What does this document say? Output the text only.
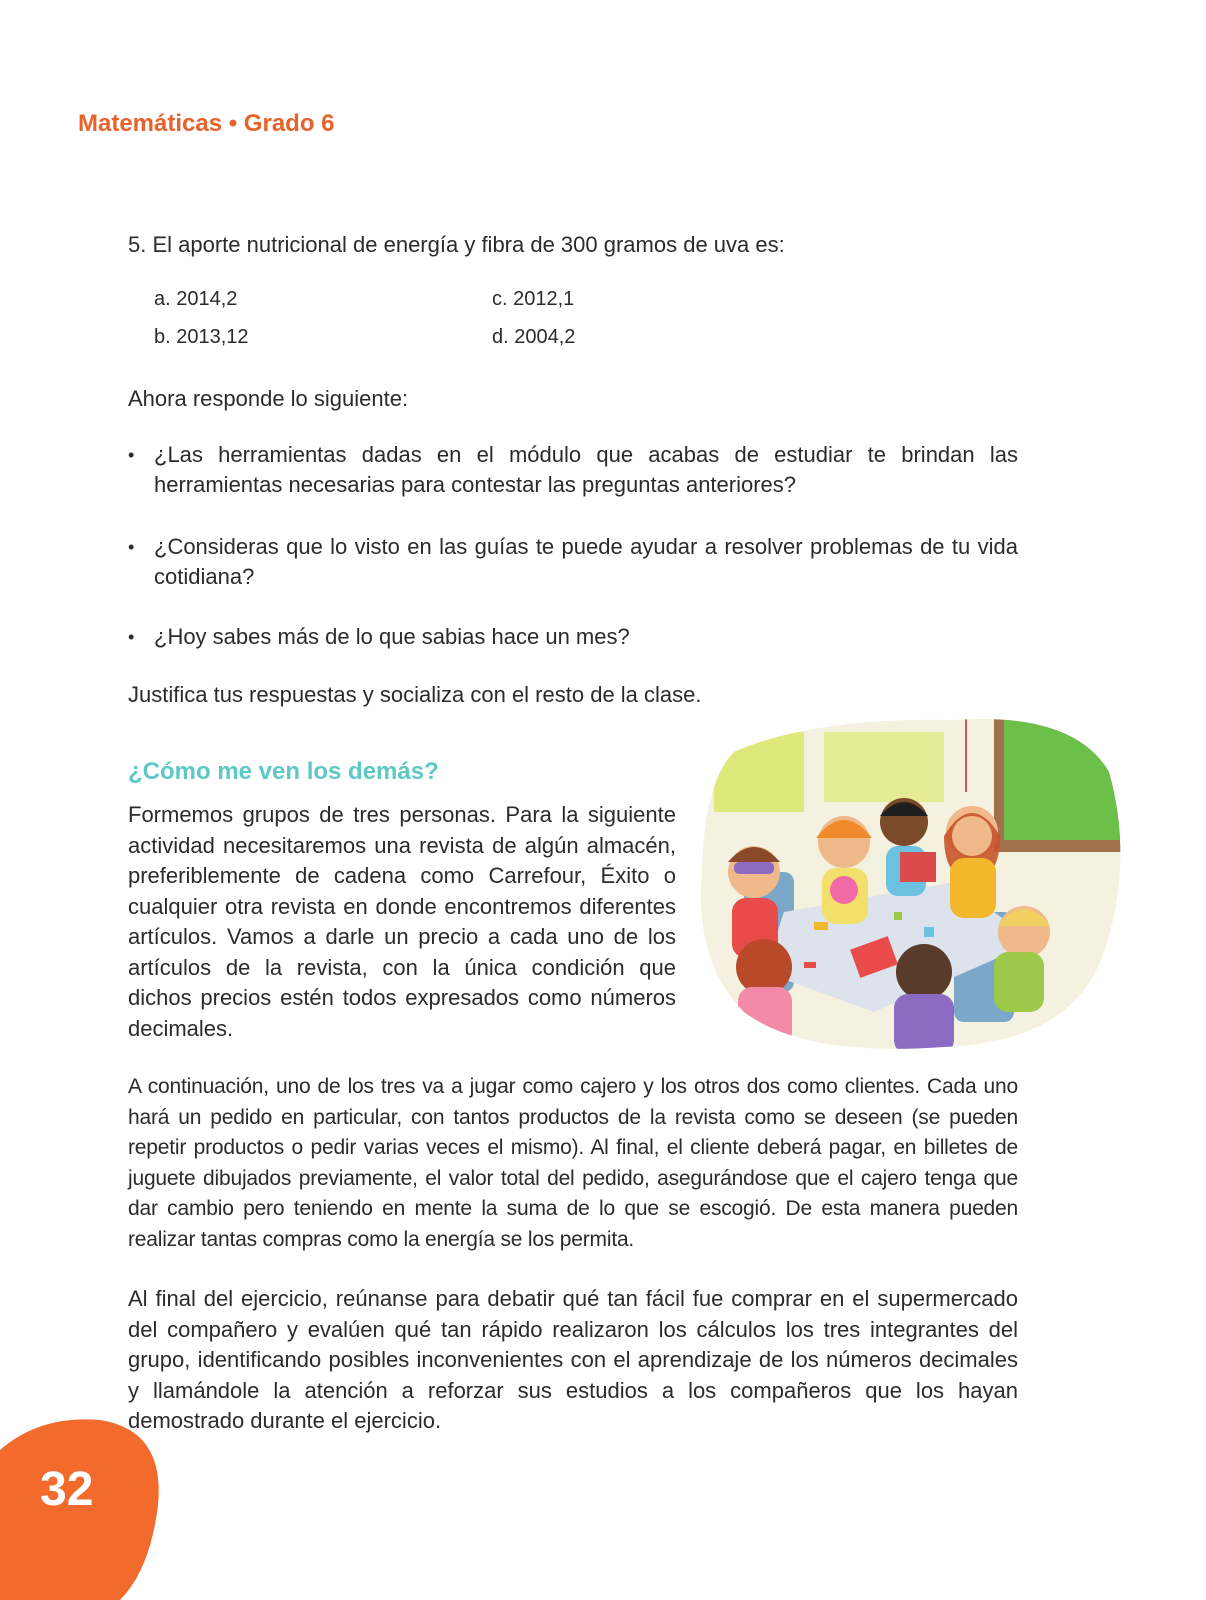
Matemáticas • Grado 6
5. El aporte nutricional de energía y fibra de 300 gramos de uva es:
a. 2014,2
b. 2013,12
c. 2012,1
d. 2004,2
Ahora responde lo siguiente:
• ¿Las herramientas dadas en el módulo que acabas de estudiar te brindan las herramientas necesarias para contestar las preguntas anteriores?
• ¿Consideras que lo visto en las guías te puede ayudar a resolver problemas de tu vida cotidiana?
• ¿Hoy sabes más de lo que sabias hace un mes?
Justifica tus respuestas y socializa con el resto de la clase.
¿Cómo me ven los demás?
Formemos grupos de tres personas. Para la siguiente actividad necesitaremos una revista de algún almacén, preferiblemente de cadena como Carrefour, Éxito o cualquier otra revista en donde encontremos diferentes artículos. Vamos a darle un precio a cada uno de los artículos de la revista, con la única condición que dichos precios estén todos expresados como números decimales.
A continuación, uno de los tres va a jugar como cajero y los otros dos como clientes. Cada uno hará un pedido en particular, con tantos productos de la revista como se deseen (se pueden repetir productos o pedir varias veces el mismo). Al final, el cliente deberá pagar, en billetes de juguete dibujados previamente, el valor total del pedido, asegurándose que el cajero tenga que dar cambio pero teniendo en mente la suma de lo que se escogió. De esta manera pueden realizar tantas compras como la energía se los permita.
Al final del ejercicio, reúnanse para debatir qué tan fácil fue comprar en el supermercado del compañero y evalúen qué tan rápido realizaron los cálculos los tres integrantes del grupo, identificando posibles inconvenientes con el aprendizaje de los números decimales y llamándole la atención a reforzar sus estudios a los compañeros que los hayan demostrado durante el ejercicio.
32
